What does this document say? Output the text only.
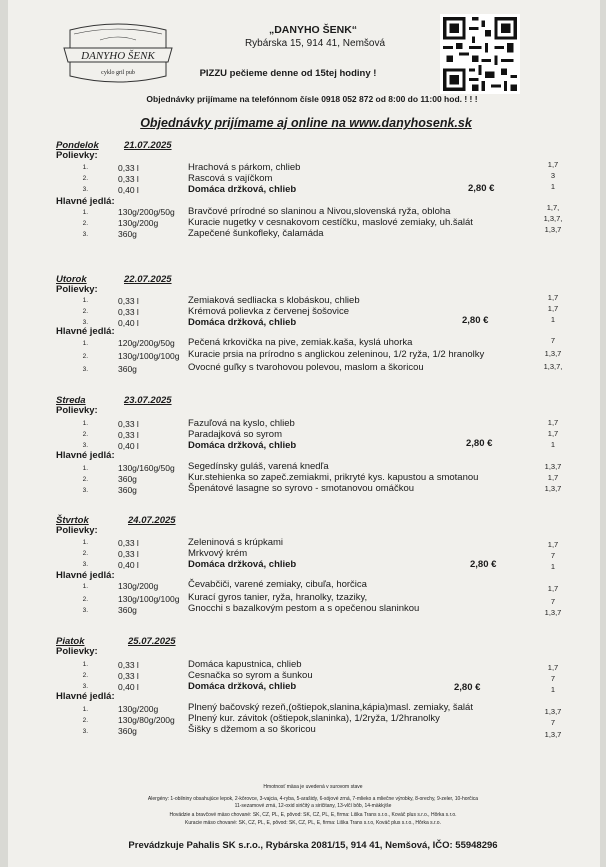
DANYHO ŠENK
cyklo gril pub
„DANYHO ŠENK“
Rybárska 15, 914 41, Nemšová
PIZZU pečieme denne od 15tej hodiny !
Objednávky prijímame na telefónnom čísle 0918 052 872 od 8:00 do 11:00 hod. ! ! !
Objednávky prijímame aj online na www.danyhosenk.sk
Pondelok	21.07.2025
Polievky:
1.	0,33 l	Hrachová s párkom, chlieb	1,7
2.	0,33 l	Rascová s vajíčkom	3
3.	0,40 l	Domáca držková, chlieb	2,80 €	1
Hlavné jedlá:
1.	130g/200g/50g Bravčové prírodné so slaninou a Nivou,slovenská ryža, obloha	1,7,
2.	130g/200g	Kuracie nugetky v cesnakovom cestíčku, maslové zemiaky, uh.šalát	1,3,7,
3.	360g	Zapečené šunkofleky, čalamáda	1,3,7
Utorok	22.07.2025
Polievky:
1.	0,33 l	Zemiaková sedliacka s klobáskou, chlieb	1,7
2.	0,33 l	Krémová polievka z červenej šošovice	1,7
3.	0,40 l	Domáca držková, chlieb	2,80 €	1
Hlavné jedlá:
1.	120g/200g/50g Pečená krkovička na pive, zemiak.kaša, kyslá uhorka	7
2.	130g/100g/100g Kuracie prsia na prírodno s anglickou zeleninou, 1/2 ryža, 1/2 hranolky	1,3,7
3.	360g	Ovocné guľky s tvarohovou polevou, maslom a škoricou	1,3,7,
Streda	23.07.2025
Polievky:
1.	0,33 l	Fazuľová na kyslo, chlieb	1,7
2.	0,33 l	Paradajková so syrom	1,7
3.	0,40 l	Domáca držková, chlieb	2,80 €	1
Hlavné jedlá:
1.	130g/160g/50g Segedínsky guláš, varená knedľa	1,3,7
2.	360g	Kur.stehienka so zapeč.zemiakmi, prikryté kys. kapustou a smotanou	1,7
3.	360g	Špenátové lasagne so syrovo - smotanovou omáčkou	1,3,7
Štvrtok	24.07.2025
Polievky:
1.	0,33 l	Zeleninová s krúpkami	1,7
2.	0,33 l	Mrkvový krém	7
3.	0,40 l	Domáca držková, chlieb	2,80 €	1
Hlavné jedlá:
1.	130g/200g	Čevabčiči, varené zemiaky, cibuľa, horčica	1,7
2.	130g/100g/100g Kurací gyros tanier, ryža, hranolky, tzaziky,	7
3.	360g	Gnocchi s bazalkovým pestom a s opečenou slaninkou	1,3,7
Piatok	25.07.2025
Polievky:
1.	0,33 l	Domáca kapustnica, chlieb	1,7
2.	0,33 l	Cesnačka so syrom a šunkou	7
3.	0,40 l	Domáca držková, chlieb	2,80 €	1
Hlavné jedlá:
1.	130g/200g	Plnený bačovský rezeň,(oštiepok,slanina,kápia)masl. zemiaky, šalát	1,3,7
2.	130g/80g/200g Plnený kur. závitok (oštiepok,slaninka), 1/2ryža, 1/2hranolky	7
3.	360g	Šišky s džemom a so škoricou	1,3,7
Hmotnosť mäsa je uvedená v surovom stave
Alergény: 1-obilniny obsahujúce lepok, 2-kôrovce, 3-vajcia, 4-ryba, 5-arašidy, 6-sójové zrná, 7-mlieko a mliečne výrobky, 8-orechy, 9-zeler, 10-horčica
11-sezamové zrná, 12-oxid siričitý a siričitany, 13-vlčí bôb, 14-mäkkýše
Hovädzie a bravčové mäso chované: SK, CZ, PL, E, pôvod: SK, CZ, PL, E, firma: Liška Trans s.r.o., Kováč plus s.r.o., Hôrka s.r.o.
Kuracie mäso chované: SK, CZ, PL, E, pôvod: SK, CZ, PL, E, firma: Liška Trans s.r.o, Kováč plus s.r.o., Hôrka s.r.o.
Prevádzkuje Pahalis SK s.r.o., Rybárska 2081/15, 914 41, Nemšová, IČO: 55948296
